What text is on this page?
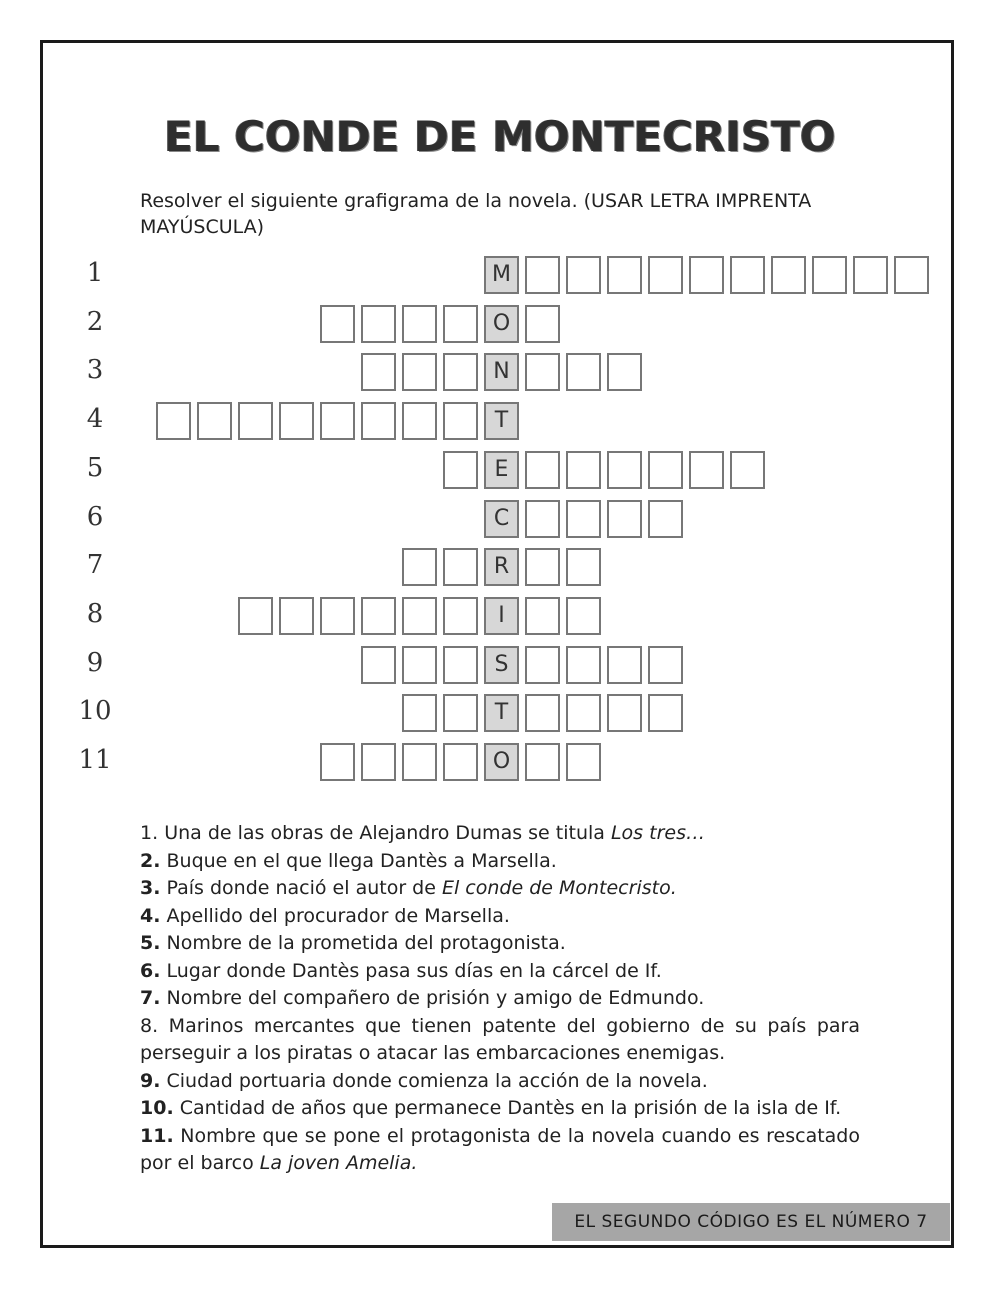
EL CONDE DE MONTECRISTO

Resolver el siguiente grafigrama de la novela. (USAR LETRA IMPRENTA MAYÚSCULA)

1	M
2	O
3	N
4	T
5	E
6	C
7	R
8	I
9	S
10	T
11	O

1. Una de las obras de Alejandro Dumas se titula Los tres…

2. Buque en el que llega Dantès a Marsella.

3. País donde nació el autor de El conde de Montecristo.

4. Apellido del procurador de Marsella.

5. Nombre de la prometida del protagonista.

6. Lugar donde Dantès pasa sus días en la cárcel de If.

7. Nombre del compañero de prisión y amigo de Edmundo.

8. Marinos mercantes que tienen patente del gobierno de su país para perseguir a los piratas o atacar las embarcaciones enemigas.

9. Ciudad portuaria donde comienza la acción de la novela.

10. Cantidad de años que permanece Dantès en la prisión de la isla de If.

11. Nombre que se pone el protagonista de la novela cuando es rescatado por el barco La joven Amelia.

EL SEGUNDO CÓDIGO ES EL NÚMERO 7
